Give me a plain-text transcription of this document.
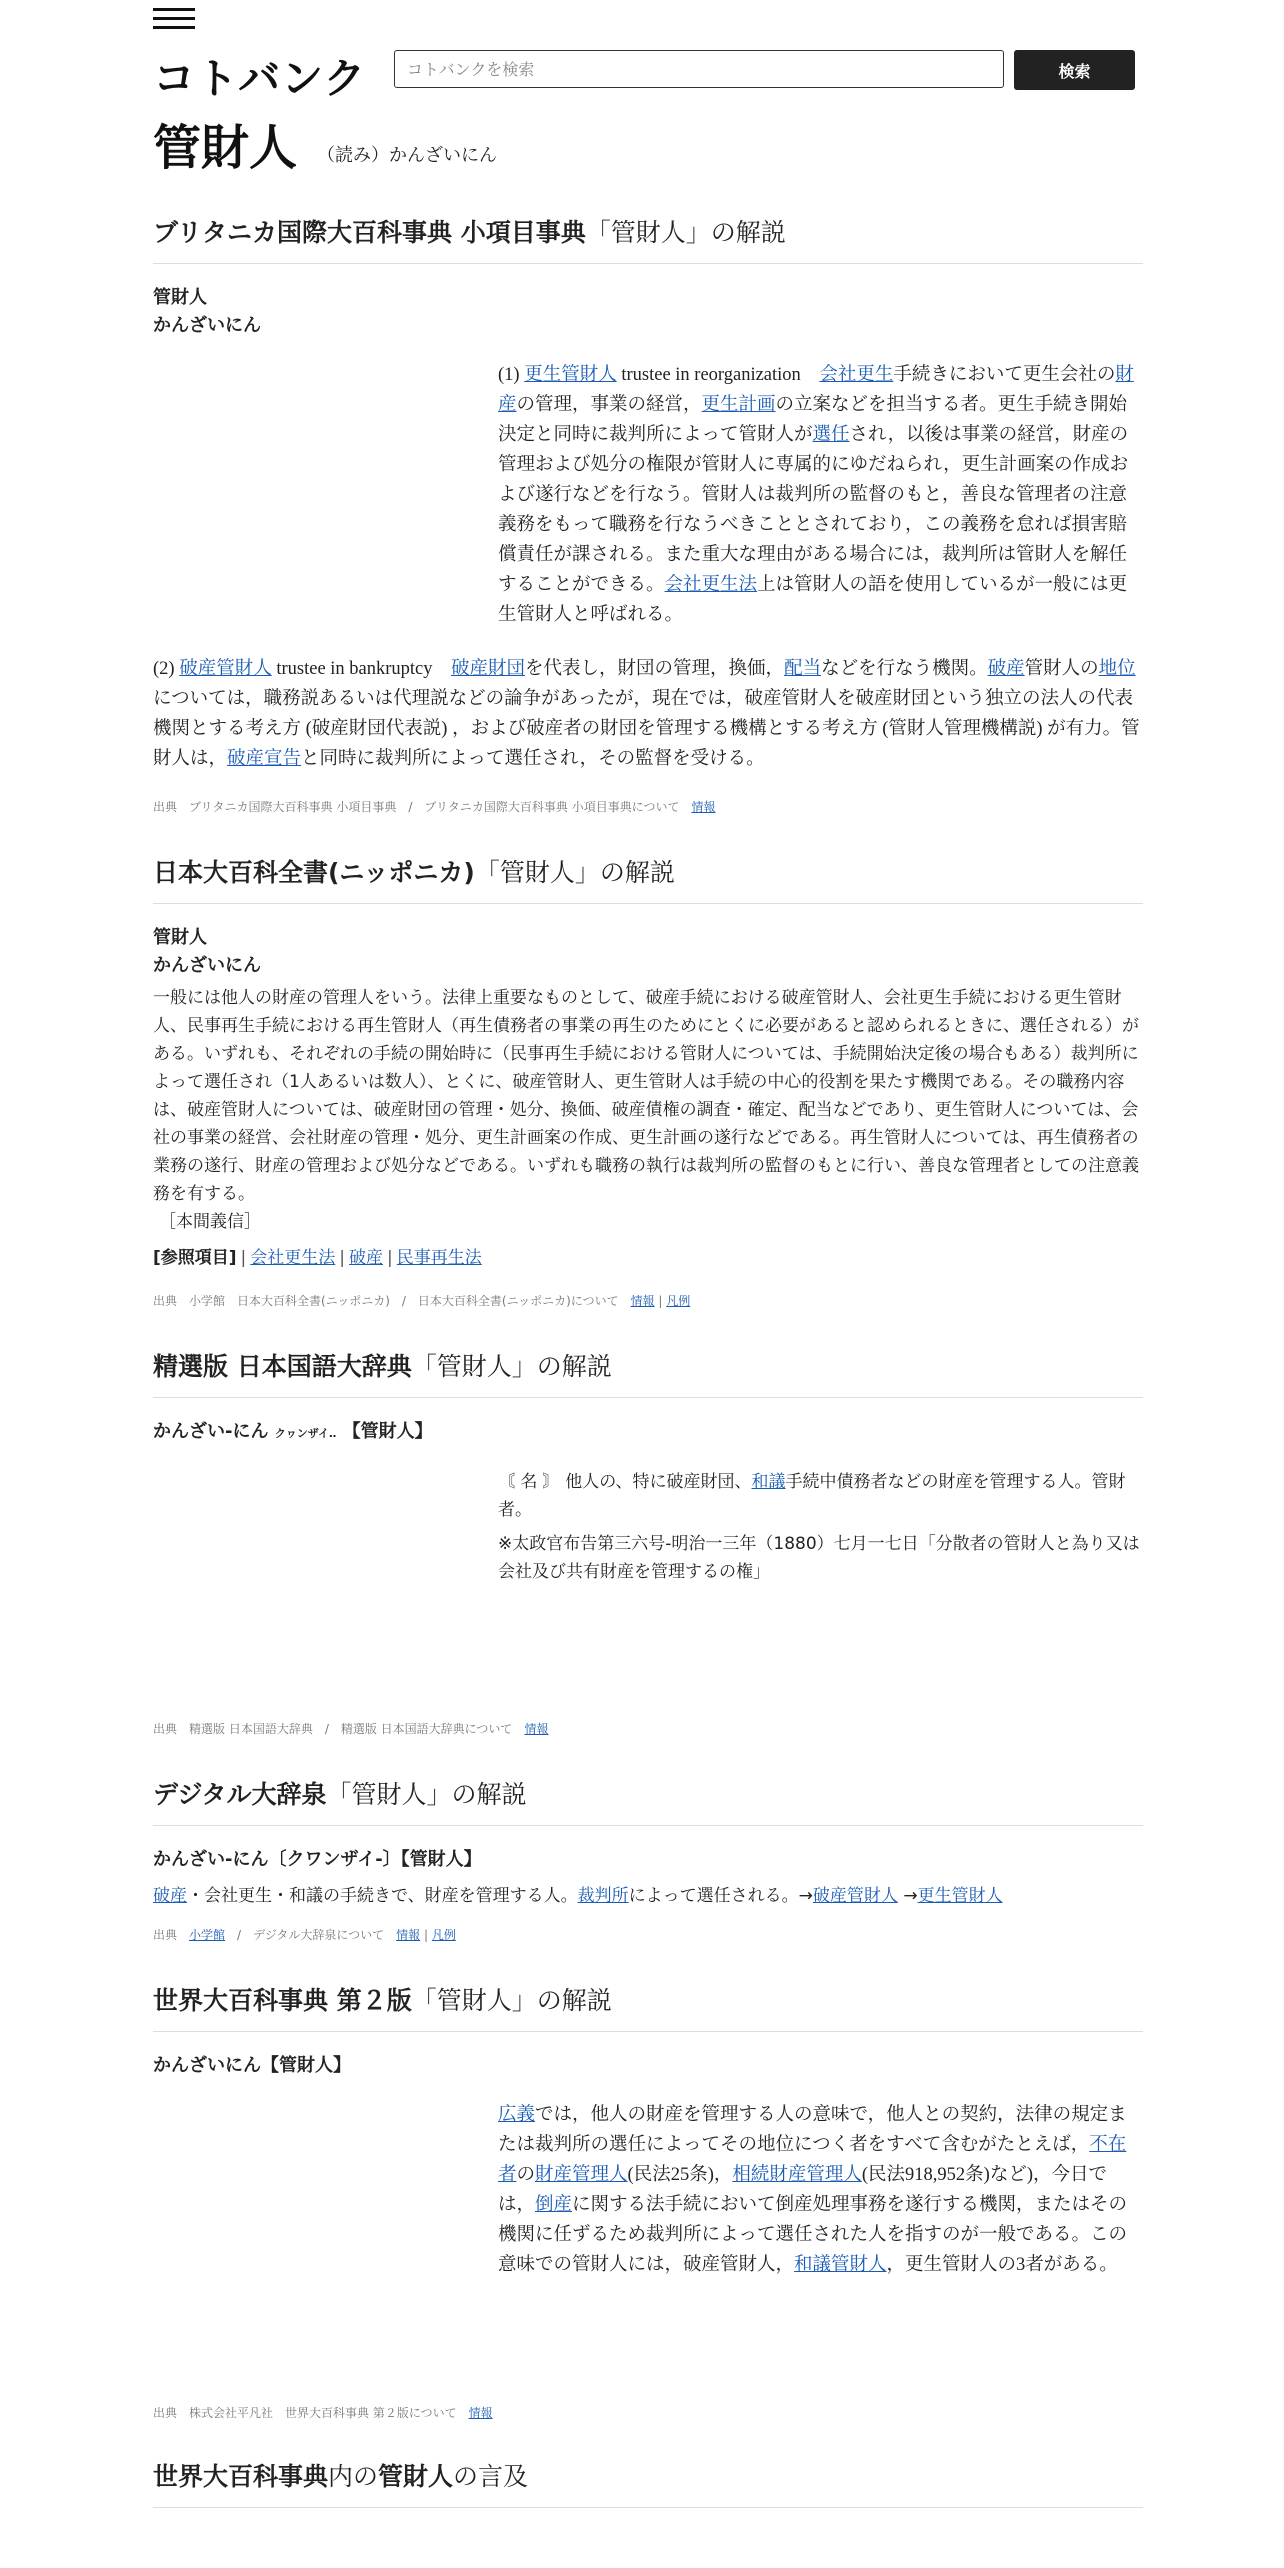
コトバンク
コトバンクを検索	検索
管財人 （読み）かんざいにん
ブリタニカ国際大百科事典 小項目事典「管財人」の解説
管財人
かんざいにん
(1) 更生管財人 trustee in reorganization　会社更生手続きにおいて更生会社の財産の管理，事業の経営，更生計画の立案などを担当する者。更生手続き開始決定と同時に裁判所によって管財人が選任され，以後は事業の経営，財産の管理および処分の権限が管財人に専属的にゆだねられ，更生計画案の作成および遂行などを行なう。管財人は裁判所の監督のもと，善良な管理者の注意義務をもって職務を行なうべきこととされており，この義務を怠れば損害賠償責任が課される。また重大な理由がある場合には，裁判所は管財人を解任することができる。会社更生法上は管財人の語を使用しているが一般には更生管財人と呼ばれる。
(2) 破産管財人 trustee in bankruptcy　破産財団を代表し，財団の管理，換価，配当などを行なう機関。破産管財人の地位については，職務説あるいは代理説などの論争があったが，現在では，破産管財人を破産財団という独立の法人の代表機関とする考え方 (破産財団代表説) ，および破産者の財団を管理する機構とする考え方 (管財人管理機構説) が有力。管財人は，破産宣告と同時に裁判所によって選任され，その監督を受ける。
出典　ブリタニカ国際大百科事典 小項目事典　/　ブリタニカ国際大百科事典 小項目事典について　 情報
日本大百科全書(ニッポニカ)「管財人」の解説
管財人
かんざいにん
一般には他人の財産の管理人をいう。法律上重要なものとして、破産手続における破産管財人、会社更生手続における更生管財人、民事再生手続における再生管財人（再生債務者の事業の再生のためにとくに必要があると認められるときに、選任される）がある。いずれも、それぞれの手続の開始時に（民事再生手続における管財人については、手続開始決定後の場合もある）裁判所によって選任され（1人あるいは数人）、とくに、破産管財人、更生管財人は手続の中心的役割を果たす機関である。その職務内容は、破産管財人については、破産財団の管理・処分、換価、破産債権の調査・確定、配当などであり、更生管財人については、会社の事業の経営、会社財産の管理・処分、更生計画案の作成、更生計画の遂行などである。再生管財人については、再生債務者の業務の遂行、財産の管理および処分などである。いずれも職務の執行は裁判所の監督のもとに行い、善良な管理者としての注意義務を有する。
［本間義信］
[参照項目] | 会社更生法 | 破産 | 民事再生法
出典　小学館　日本大百科全書(ニッポニカ)　/　日本大百科全書(ニッポニカ)について　 情報 | 凡例
精選版 日本国語大辞典「管財人」の解説
かんざい‐にん クヮンザイ‥ 【管財人】
〘 名 〙 他人の、特に破産財団、和議手続中債務者などの財産を管理する人。管財者。
※太政官布告第三六号‐明治一三年（1880）七月一七日「分散者の管財人と為り又は会社及び共有財産を管理するの権」
出典　精選版 日本国語大辞典　/　精選版 日本国語大辞典について　 情報
デジタル大辞泉「管財人」の解説
かんざい‐にん〔クワンザイ‐〕【管財人】
破産・会社更生・和議の手続きで、財産を管理する人。裁判所によって選任される。→破産管財人 →更生管財人
出典　小学館　/　デジタル大辞泉について　 情報 | 凡例
世界大百科事典 第２版「管財人」の解説
かんざいにん【管財人】
広義では，他人の財産を管理する人の意味で，他人との契約，法律の規定または裁判所の選任によってその地位につく者をすべて含むがたとえば，不在者の財産管理人(民法25条)，相続財産管理人(民法918,952条)など)，今日では，倒産に関する法手続において倒産処理事務を遂行する機関，またはその機関に任ずるため裁判所によって選任された人を指すのが一般である。この意味での管財人には，破産管財人，和議管財人，更生管財人の3者がある。
出典　株式会社平凡社　世界大百科事典 第２版について　 情報
世界大百科事典内の管財人の言及
